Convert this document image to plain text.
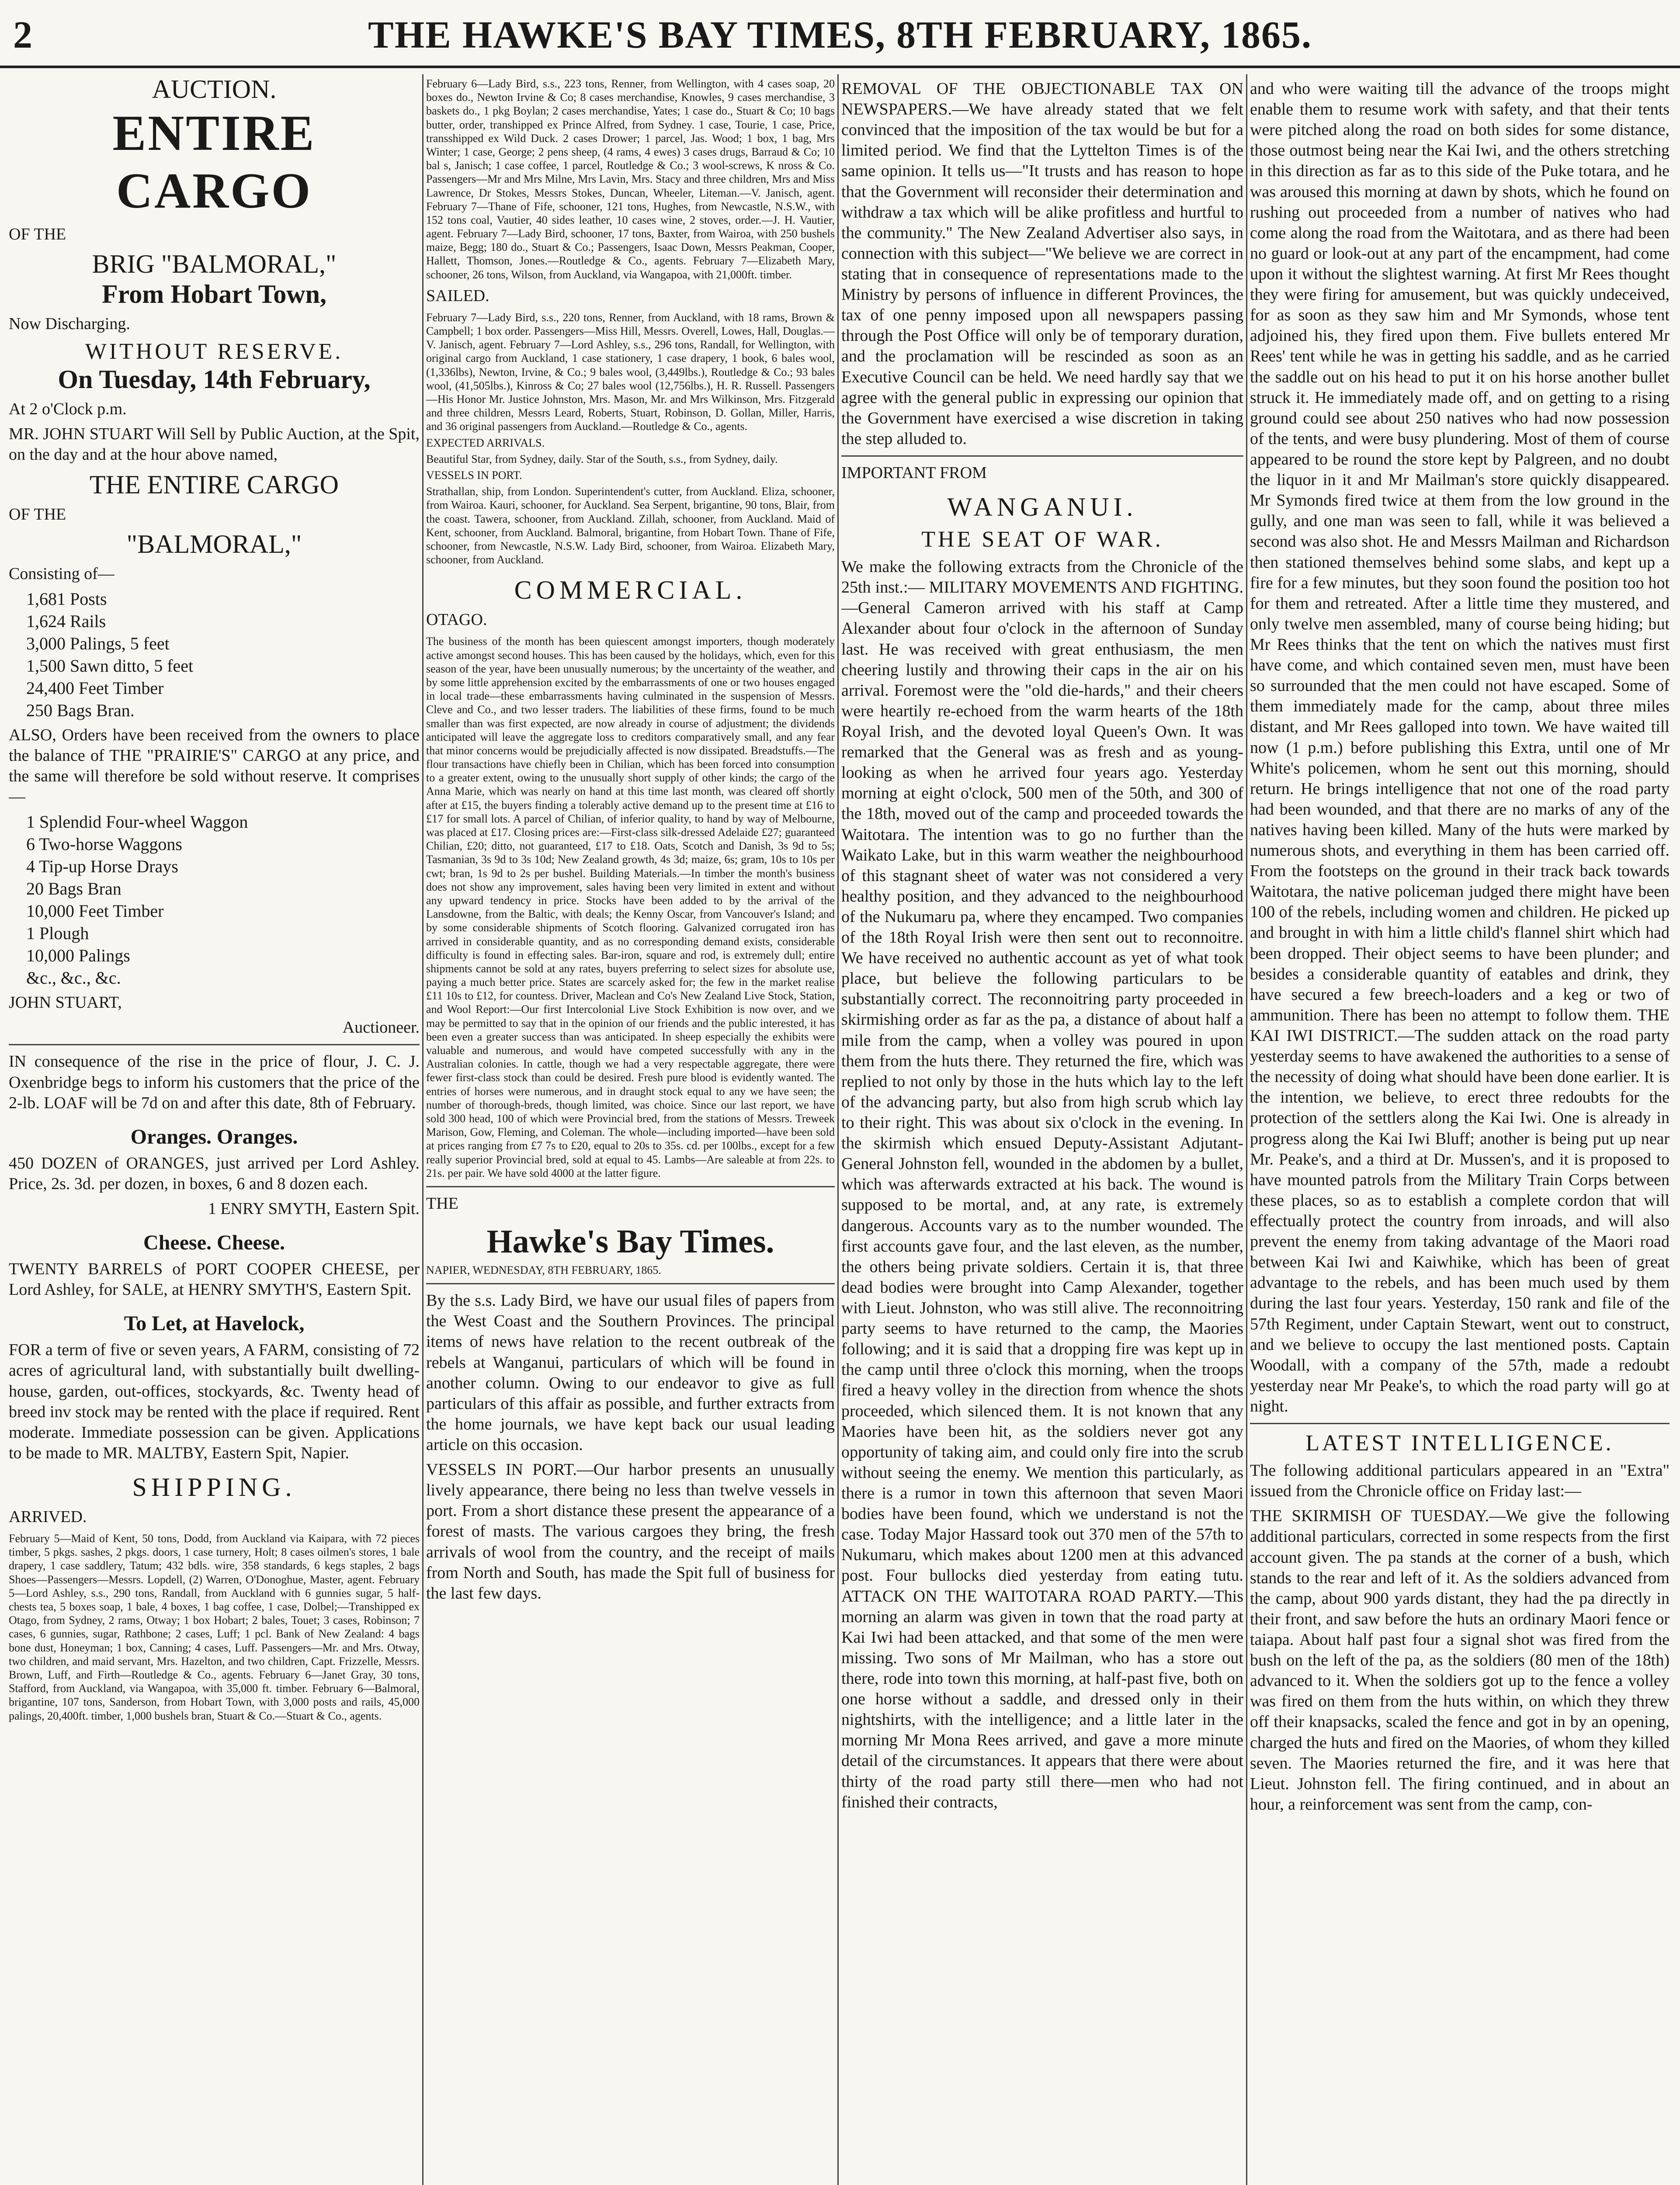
2	THE HAWKE'S BAY TIMES, 8TH FEBRUARY, 1865.
AUCTION.
ENTIRE CARGO
OF THE
BRIG "BALMORAL,"
From Hobart Town,
Now Discharging.
WITHOUT RESERVE.
On Tuesday, 14th February,
At 2 o'Clock p.m.

MR. JOHN STUART Will Sell by Public Auction, at the Spit, on the day and at the hour above named,

THE ENTIRE CARGO
OF THE
"BALMORAL,"
Consisting of—
1,681 Posts
1,624 Rails
3,000 Palings, 5 feet
1,500 Sawn ditto, 5 feet
24,400 Feet Timber
250 Bags Bran.

ALSO, Orders have been received from the owners to place the balance of THE "PRAIRIE'S" CARGO at any price, and the same will therefore be sold without reserve. It comprises—

1 Splendid Four-wheel Waggon
6 Two-horse Waggons
4 Tip-up Horse Drays
20 Bags Bran
10,000 Feet Timber
1 Plough
10,000 Palings
&c., &c., &c.
JOHN STUART,
Auctioneer.

IN consequence of the rise in the price of flour, J. C. J. Oxenbridge begs to inform his customers that the price of the 2-lb. LOAF will be 7d on and after this date, 8th of February.

Oranges. Oranges.

450 DOZEN of ORANGES, just arrived per Lord Ashley. Price, 2s. 3d. per dozen, in boxes, 6 and 8 dozen each.

1 ENRY SMYTH, Eastern Spit.
Cheese. Cheese.

TWENTY BARRELS of PORT COOPER CHEESE, per Lord Ashley, for SALE, at HENRY SMYTH'S, Eastern Spit.

To Let, at Havelock,

FOR a term of five or seven years, A FARM, consisting of 72 acres of agricultural land, with substantially built dwelling-house, garden, out-offices, stockyards, &c. Twenty head of breed inv stock may be rented with the place if required. Rent moderate. Immediate possession can be given. Applications to be made to MR. MALTBY, Eastern Spit, Napier.

SHIPPING.
ARRIVED.

February 5—Maid of Kent, 50 tons, Dodd, from Auckland via Kaipara, with 72 pieces timber, 5 pkgs. sashes, 2 pkgs. doors, 1 case turnery, Holt; 8 cases oilmen's stores, 1 bale drapery, 1 case saddlery, Tatum; 432 bdls. wire, 358 standards, 6 kegs staples, 2 bags Shoes—Passengers—Messrs. Lopdell, (2) Warren, O'Donoghue, Master, agent. February 5—Lord Ashley, s.s., 290 tons, Randall, from Auckland with 6 gunnies sugar, 5 half-chests tea, 5 boxes soap, 1 bale, 4 boxes, 1 bag coffee, 1 case, Dolbel;—Transhipped ex Otago, from Sydney, 2 rams, Otway; 1 box Hobart; 2 bales, Touet; 3 cases, Robinson; 7 cases, 6 gunnies, sugar, Rathbone; 2 cases, Luff; 1 pcl. Bank of New Zealand: 4 bags bone dust, Honeyman; 1 box, Canning; 4 cases, Luff. Passengers—Mr. and Mrs. Otway, two children, and maid servant, Mrs. Hazelton, and two children, Capt. Frizzelle, Messrs. Brown, Luff, and Firth—Routledge & Co., agents. February 6—Janet Gray, 30 tons, Stafford, from Auckland, via Wangapoa, with 35,000 ft. timber. February 6—Balmoral, brigantine, 107 tons, Sanderson, from Hobart Town, with 3,000 posts and rails, 45,000 palings, 20,400ft. timber, 1,000 bushels bran, Stuart & Co.—Stuart & Co., agents.

February 6—Lady Bird, s.s., 223 tons, Renner, from Wellington, with 4 cases soap, 20 boxes do., Newton Irvine & Co; 8 cases merchandise, Knowles, 9 cases merchandise, 3 baskets do., 1 pkg Boylan; 2 cases merchandise, Yates; 1 case do., Stuart & Co; 10 bags butter, order, transhipped ex Prince Alfred, from Sydney. 1 case, Tourie, 1 case, Price, transshipped ex Wild Duck. 2 cases Drower; 1 parcel, Jas. Wood; 1 box, 1 bag, Mrs Winter; 1 case, George; 2 pens sheep, (4 rams, 4 ewes) 3 cases drugs, Barraud & Co; 10 bal s, Janisch; 1 case coffee, 1 parcel, Routledge & Co.; 3 wool-screws, K nross & Co. Passengers—Mr and Mrs Milne, Mrs Lavin, Mrs. Stacy and three children, Mrs and Miss Lawrence, Dr Stokes, Messrs Stokes, Duncan, Wheeler, Liteman.—V. Janisch, agent. February 7—Thane of Fife, schooner, 121 tons, Hughes, from Newcastle, N.S.W., with 152 tons coal, Vautier, 40 sides leather, 10 cases wine, 2 stoves, order.—J. H. Vautier, agent. February 7—Lady Bird, schooner, 17 tons, Baxter, from Wairoa, with 250 bushels maize, Begg; 180 do., Stuart & Co.; Passengers, Isaac Down, Messrs Peakman, Cooper, Hallett, Thomson, Jones.—Routledge & Co., agents. February 7—Elizabeth Mary, schooner, 26 tons, Wilson, from Auckland, via Wangapoa, with 21,000ft. timber.

SAILED.

February 7—Lady Bird, s.s., 220 tons, Renner, from Auckland, with 18 rams, Brown & Campbell; 1 box order. Passengers—Miss Hill, Messrs. Overell, Lowes, Hall, Douglas.—V. Janisch, agent. February 7—Lord Ashley, s.s., 296 tons, Randall, for Wellington, with original cargo from Auckland, 1 case stationery, 1 case drapery, 1 book, 6 bales wool, (1,336lbs), Newton, Irvine, & Co.; 9 bales wool, (3,449lbs.), Routledge & Co.; 93 bales wool, (41,505lbs.), Kinross & Co; 27 bales wool (12,756lbs.), H. R. Russell. Passengers—His Honor Mr. Justice Johnston, Mrs. Mason, Mr. and Mrs Wilkinson, Mrs. Fitzgerald and three children, Messrs Leard, Roberts, Stuart, Robinson, D. Gollan, Miller, Harris, and 36 original passengers from Auckland.—Routledge & Co., agents.

EXPECTED ARRIVALS.

Beautiful Star, from Sydney, daily. Star of the South, s.s., from Sydney, daily.

VESSELS IN PORT.

Strathallan, ship, from London. Superintendent's cutter, from Auckland. Eliza, schooner, from Wairoa. Kauri, schooner, for Auckland. Sea Serpent, brigantine, 90 tons, Blair, from the coast. Tawera, schooner, from Auckland. Zillah, schooner, from Auckland. Maid of Kent, schooner, from Auckland. Balmoral, brigantine, from Hobart Town. Thane of Fife, schooner, from Newcastle, N.S.W. Lady Bird, schooner, from Wairoa. Elizabeth Mary, schooner, from Auckland.

COMMERCIAL.
OTAGO.

The business of the month has been quiescent amongst importers, though moderately active amongst second houses. This has been caused by the holidays, which, even for this season of the year, have been unusually numerous; by the uncertainty of the weather, and by some little apprehension excited by the embarrassments of one or two houses engaged in local trade—these embarrassments having culminated in the suspension of Messrs. Cleve and Co., and two lesser traders. The liabilities of these firms, found to be much smaller than was first expected, are now already in course of adjustment; the dividends anticipated will leave the aggregate loss to creditors comparatively small, and any fear that minor concerns would be prejudicially affected is now dissipated. Breadstuffs.—The flour transactions have chiefly been in Chilian, which has been forced into consumption to a greater extent, owing to the unusually short supply of other kinds; the cargo of the Anna Marie, which was nearly on hand at this time last month, was cleared off shortly after at £15, the buyers finding a tolerably active demand up to the present time at £16 to £17 for small lots. A parcel of Chilian, of inferior quality, to hand by way of Melbourne, was placed at £17. Closing prices are:—First-class silk-dressed Adelaide £27; guaranteed Chilian, £20; ditto, not guaranteed, £17 to £18. Oats, Scotch and Danish, 3s 9d to 5s; Tasmanian, 3s 9d to 3s 10d; New Zealand growth, 4s 3d; maize, 6s; gram, 10s to 10s per cwt; bran, 1s 9d to 2s per bushel. Building Materials.—In timber the month's business does not show any improvement, sales having been very limited in extent and without any upward tendency in price. Stocks have been added to by the arrival of the Lansdowne, from the Baltic, with deals; the Kenny Oscar, from Vancouver's Island; and by some considerable shipments of Scotch flooring. Galvanized corrugated iron has arrived in considerable quantity, and as no corresponding demand exists, considerable difficulty is found in effecting sales. Bar-iron, square and rod, is extremely dull; entire shipments cannot be sold at any rates, buyers preferring to select sizes for absolute use, paying a much better price. States are scarcely asked for; the few in the market realise £11 10s to £12, for countess. Driver, Maclean and Co's New Zealand Live Stock, Station, and Wool Report:—Our first Intercolonial Live Stock Exhibition is now over, and we may be permitted to say that in the opinion of our friends and the public interested, it has been even a greater success than was anticipated. In sheep especially the exhibits were valuable and numerous, and would have competed successfully with any in the Australian colonies. In cattle, though we had a very respectable aggregate, there were fewer first-class stock than could be desired. Fresh pure blood is evidently wanted. The entries of horses were numerous, and in draught stock equal to any we have seen; the number of thorough-breds, though limited, was choice. Since our last report, we have sold 300 head, 100 of which were Provincial bred, from the stations of Messrs. Treweek Marison, Gow, Fleming, and Coleman. The whole—including imported—have been sold at prices ranging from £7 7s to £20, equal to 20s to 35s. cd. per 100lbs., except for a few really superior Provincial bred, sold at equal to 45. Lambs—Are saleable at from 22s. to 21s. per pair. We have sold 4000 at the latter figure.

THE
Hawke's Bay Times.
NAPIER, WEDNESDAY, 8TH FEBRUARY, 1865.

By the s.s. Lady Bird, we have our usual files of papers from the West Coast and the Southern Provinces. The principal items of news have relation to the recent outbreak of the rebels at Wanganui, particulars of which will be found in another column. Owing to our endeavor to give as full particulars of this affair as possible, and further extracts from the home journals, we have kept back our usual leading article on this occasion.

VESSELS IN PORT.—Our harbor presents an unusually lively appearance, there being no less than twelve vessels in port. From a short distance these present the appearance of a forest of masts. The various cargoes they bring, the fresh arrivals of wool from the country, and the receipt of mails from North and South, has made the Spit full of business for the last few days.

REMOVAL OF THE OBJECTIONABLE TAX ON NEWSPAPERS.—We have already stated that we felt convinced that the imposition of the tax would be but for a limited period. We find that the Lyttelton Times is of the same opinion. It tells us—"It trusts and has reason to hope that the Government will reconsider their determination and withdraw a tax which will be alike profitless and hurtful to the community." The New Zealand Advertiser also says, in connection with this subject—"We believe we are correct in stating that in consequence of representations made to the Ministry by persons of influence in different Provinces, the tax of one penny imposed upon all newspapers passing through the Post Office will only be of temporary duration, and the proclamation will be rescinded as soon as an Executive Council can be held. We need hardly say that we agree with the general public in expressing our opinion that the Government have exercised a wise discretion in taking the step alluded to.

IMPORTANT FROM
WANGANUI.
THE SEAT OF WAR.

We make the following extracts from the Chronicle of the 25th inst.:— MILITARY MOVEMENTS AND FIGHTING.—General Cameron arrived with his staff at Camp Alexander about four o'clock in the afternoon of Sunday last. He was received with great enthusiasm, the men cheering lustily and throwing their caps in the air on his arrival. Foremost were the "old die-hards," and their cheers were heartily re-echoed from the warm hearts of the 18th Royal Irish, and the devoted loyal Queen's Own. It was remarked that the General was as fresh and as young-looking as when he arrived four years ago. Yesterday morning at eight o'clock, 500 men of the 50th, and 300 of the 18th, moved out of the camp and proceeded towards the Waitotara. The intention was to go no further than the Waikato Lake, but in this warm weather the neighbourhood of this stagnant sheet of water was not considered a very healthy position, and they advanced to the neighbourhood of the Nukumaru pa, where they encamped. Two companies of the 18th Royal Irish were then sent out to reconnoitre. We have received no authentic account as yet of what took place, but believe the following particulars to be substantially correct. The reconnoitring party proceeded in skirmishing order as far as the pa, a distance of about half a mile from the camp, when a volley was poured in upon them from the huts there. They returned the fire, which was replied to not only by those in the huts which lay to the left of the advancing party, but also from high scrub which lay to their right. This was about six o'clock in the evening. In the skirmish which ensued Deputy-Assistant Adjutant-General Johnston fell, wounded in the abdomen by a bullet, which was afterwards extracted at his back. The wound is supposed to be mortal, and, at any rate, is extremely dangerous. Accounts vary as to the number wounded. The first accounts gave four, and the last eleven, as the number, the others being private soldiers. Certain it is, that three dead bodies were brought into Camp Alexander, together with Lieut. Johnston, who was still alive. The reconnoitring party seems to have returned to the camp, the Maories following; and it is said that a dropping fire was kept up in the camp until three o'clock this morning, when the troops fired a heavy volley in the direction from whence the shots proceeded, which silenced them. It is not known that any Maories have been hit, as the soldiers never got any opportunity of taking aim, and could only fire into the scrub without seeing the enemy. We mention this particularly, as there is a rumor in town this afternoon that seven Maori bodies have been found, which we understand is not the case. Today Major Hassard took out 370 men of the 57th to Nukumaru, which makes about 1200 men at this advanced post. Four bullocks died yesterday from eating tutu. ATTACK ON THE WAITOTARA ROAD PARTY.—This morning an alarm was given in town that the road party at Kai Iwi had been attacked, and that some of the men were missing. Two sons of Mr Mailman, who has a store out there, rode into town this morning, at half-past five, both on one horse without a saddle, and dressed only in their nightshirts, with the intelligence; and a little later in the morning Mr Mona Rees arrived, and gave a more minute detail of the circumstances. It appears that there were about thirty of the road party still there—men who had not finished their contracts,

and who were waiting till the advance of the troops might enable them to resume work with safety, and that their tents were pitched along the road on both sides for some distance, those outmost being near the Kai Iwi, and the others stretching in this direction as far as to this side of the Puke totara, and he was aroused this morning at dawn by shots, which he found on rushing out proceeded from a number of natives who had come along the road from the Waitotara, and as there had been no guard or look-out at any part of the encampment, had come upon it without the slightest warning. At first Mr Rees thought they were firing for amusement, but was quickly undeceived, for as soon as they saw him and Mr Symonds, whose tent adjoined his, they fired upon them. Five bullets entered Mr Rees' tent while he was in getting his saddle, and as he carried the saddle out on his head to put it on his horse another bullet struck it. He immediately made off, and on getting to a rising ground could see about 250 natives who had now possession of the tents, and were busy plundering. Most of them of course appeared to be round the store kept by Palgreen, and no doubt the liquor in it and Mr Mailman's store quickly disappeared. Mr Symonds fired twice at them from the low ground in the gully, and one man was seen to fall, while it was believed a second was also shot. He and Messrs Mailman and Richardson then stationed themselves behind some slabs, and kept up a fire for a few minutes, but they soon found the position too hot for them and retreated. After a little time they mustered, and only twelve men assembled, many of course being hiding; but Mr Rees thinks that the tent on which the natives must first have come, and which contained seven men, must have been so surrounded that the men could not have escaped. Some of them immediately made for the camp, about three miles distant, and Mr Rees galloped into town. We have waited till now (1 p.m.) before publishing this Extra, until one of Mr White's policemen, whom he sent out this morning, should return. He brings intelligence that not one of the road party had been wounded, and that there are no marks of any of the natives having been killed. Many of the huts were marked by numerous shots, and everything in them has been carried off. From the footsteps on the ground in their track back towards Waitotara, the native policeman judged there might have been 100 of the rebels, including women and children. He picked up and brought in with him a little child's flannel shirt which had been dropped. Their object seems to have been plunder; and besides a considerable quantity of eatables and drink, they have secured a few breech-loaders and a keg or two of ammunition. There has been no attempt to follow them. THE KAI IWI DISTRICT.—The sudden attack on the road party yesterday seems to have awakened the authorities to a sense of the necessity of doing what should have been done earlier. It is the intention, we believe, to erect three redoubts for the protection of the settlers along the Kai Iwi. One is already in progress along the Kai Iwi Bluff; another is being put up near Mr. Peake's, and a third at Dr. Mussen's, and it is proposed to have mounted patrols from the Military Train Corps between these places, so as to establish a complete cordon that will effectually protect the country from inroads, and will also prevent the enemy from taking advantage of the Maori road between Kai Iwi and Kaiwhike, which has been of great advantage to the rebels, and has been much used by them during the last four years. Yesterday, 150 rank and file of the 57th Regiment, under Captain Stewart, went out to construct, and we believe to occupy the last mentioned posts. Captain Woodall, with a company of the 57th, made a redoubt yesterday near Mr Peake's, to which the road party will go at night.

LATEST INTELLIGENCE.

The following additional particulars appeared in an "Extra" issued from the Chronicle office on Friday last:—

THE SKIRMISH OF TUESDAY.—We give the following additional particulars, corrected in some respects from the first account given. The pa stands at the corner of a bush, which stands to the rear and left of it. As the soldiers advanced from the camp, about 900 yards distant, they had the pa directly in their front, and saw before the huts an ordinary Maori fence or taiapa. About half past four a signal shot was fired from the bush on the left of the pa, as the soldiers (80 men of the 18th) advanced to it. When the soldiers got up to the fence a volley was fired on them from the huts within, on which they threw off their knapsacks, scaled the fence and got in by an opening, charged the huts and fired on the Maories, of whom they killed seven. The Maories returned the fire, and it was here that Lieut. Johnston fell. The firing continued, and in about an hour, a reinforcement was sent from the camp, con-
